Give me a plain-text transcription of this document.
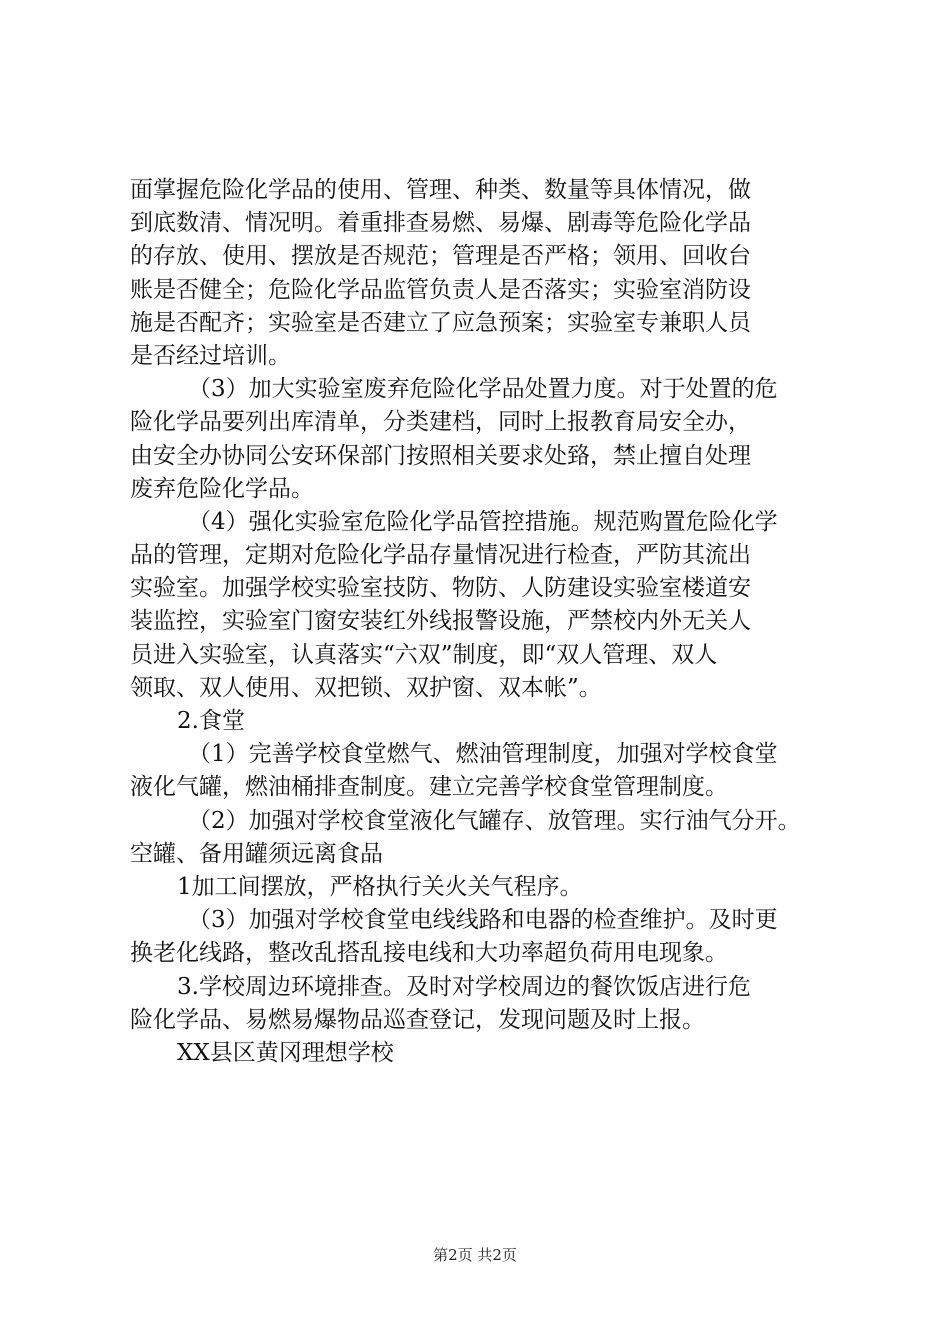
面掌握危险化学品的使用、管理、种类、数量等具体情况，做
到底数清、情况明。着重排查易燃、易爆、剧毒等危险化学品
的存放、使用、摆放是否规范；管理是否严格；领用、回收台
账是否健全；危险化学品监管负责人是否落实；实验室消防设
施是否配齐；实验室是否建立了应急预案；实验室专兼职人员
是否经过培训。
（3）加大实验室废弃危险化学品处置力度。对于处置的危
险化学品要列出库清单，分类建档，同时上报教育局安全办，
由安全办协同公安环保部门按照相关要求处臵，禁止擅自处理
废弃危险化学品。
（4）强化实验室危险化学品管控措施。规范购置危险化学
品的管理，定期对危险化学品存量情况进行检查，严防其流出
实验室。加强学校实验室技防、物防、人防建设实验室楼道安
装监控，实验室门窗安装红外线报警设施，严禁校内外无关人
员进入实验室，认真落实“六双”制度，即“双人管理、双人
领取、双人使用、双把锁、双护窗、双本帐”。
2.食堂
（1）完善学校食堂燃气、燃油管理制度，加强对学校食堂
液化气罐，燃油桶排查制度。建立完善学校食堂管理制度。
（2）加强对学校食堂液化气罐存、放管理。实行油气分开。
空罐、备用罐须远离食品
1加工间摆放，严格执行关火关气程序。
（3）加强对学校食堂电线线路和电器的检查维护。及时更
换老化线路，整改乱搭乱接电线和大功率超负荷用电现象。
3.学校周边环境排查。及时对学校周边的餐饮饭店进行危
险化学品、易燃易爆物品巡查登记，发现问题及时上报。
XX县区黄冈理想学校
第2页 共2页
